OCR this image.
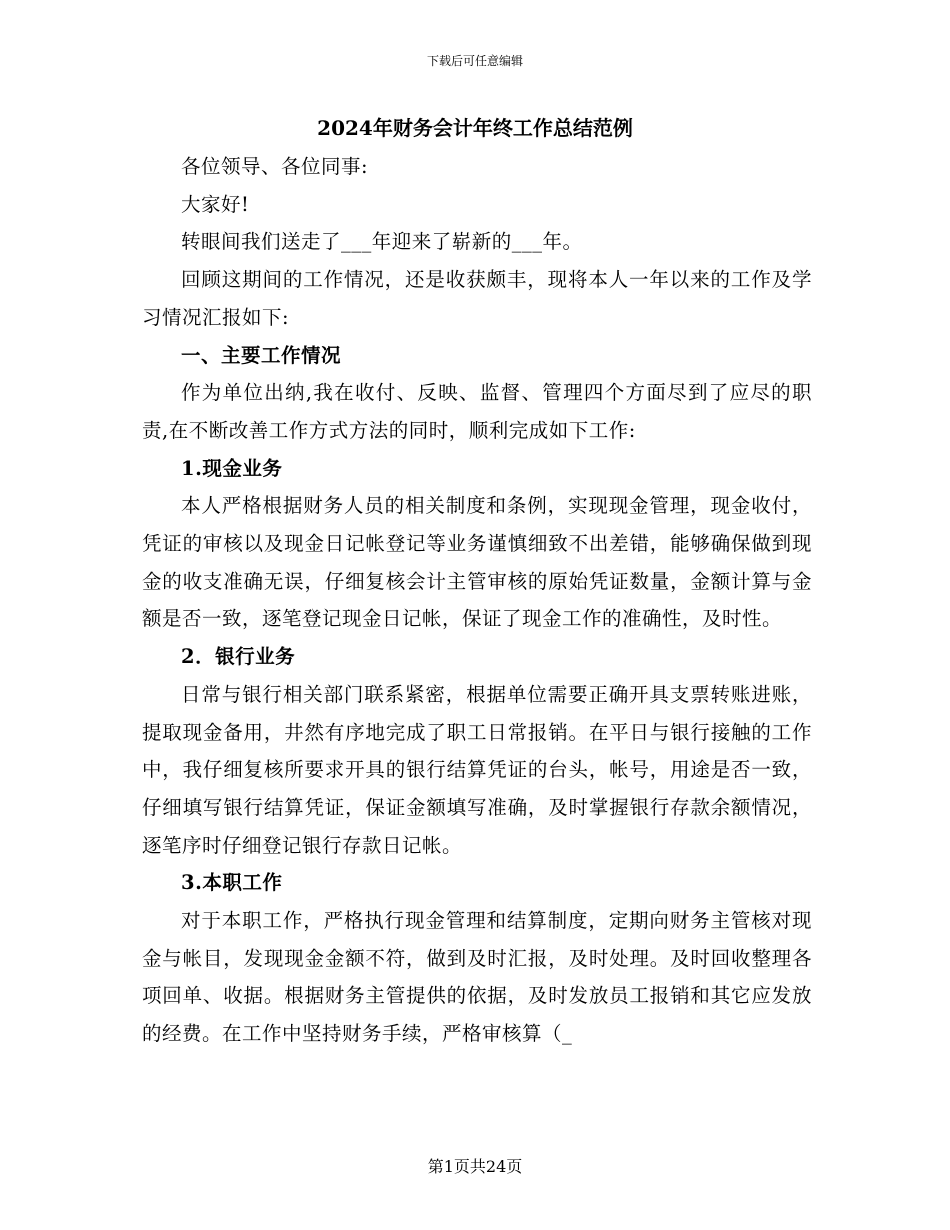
下载后可任意编辑
2024年财务会计年终工作总结范例

各位领导、各位同事:

大家好!

转眼间我们送走了___年迎来了崭新的___年。

回顾这期间的工作情况，还是收获颇丰，现将本人一年以来的工作及学习情况汇报如下:

一、主要工作情况

作为单位出纳,我在收付、反映、监督、管理四个方面尽到了应尽的职责,在不断改善工作方式方法的同时，顺利完成如下工作:

1.现金业务

本人严格根据财务人员的相关制度和条例，实现现金管理，现金收付，凭证的审核以及现金日记帐登记等业务谨慎细致不出差错，能够确保做到现金的收支准确无误，仔细复核会计主管审核的原始凭证数量，金额计算与金额是否一致，逐笔登记现金日记帐，保证了现金工作的准确性，及时性。

2．银行业务

日常与银行相关部门联系紧密，根据单位需要正确开具支票转账进账，提取现金备用，井然有序地完成了职工日常报销。在平日与银行接触的工作中，我仔细复核所要求开具的银行结算凭证的台头，帐号，用途是否一致，仔细填写银行结算凭证，保证金额填写准确，及时掌握银行存款余额情况，逐笔序时仔细登记银行存款日记帐。

3.本职工作

对于本职工作，严格执行现金管理和结算制度，定期向财务主管核对现金与帐目，发现现金金额不符，做到及时汇报，及时处理。及时回收整理各项回单、收据。根据财务主管提供的依据，及时发放员工报销和其它应发放的经费。在工作中坚持财务手续，严格审核算（_

第1页共24页
